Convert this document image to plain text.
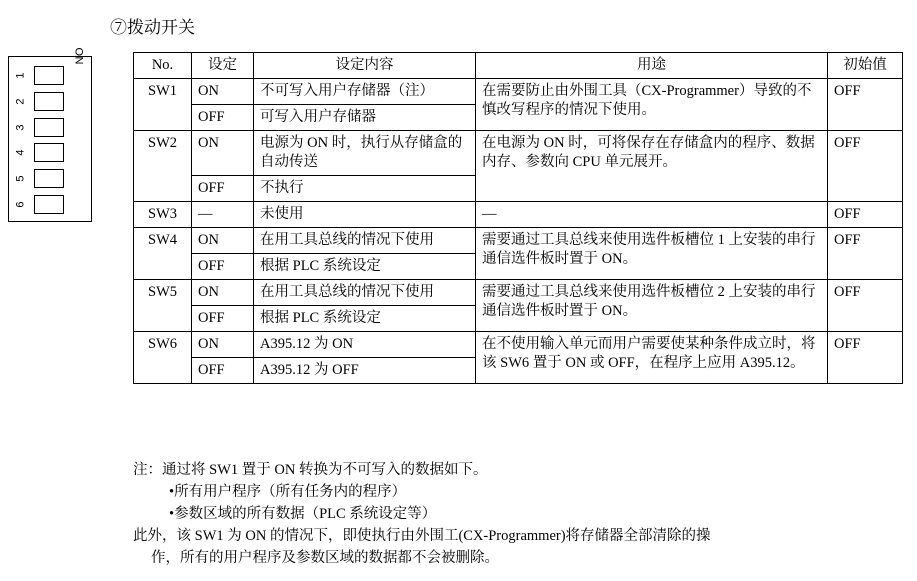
1
2
3
4
5
6
ON
⑦拨动开关
No.	设定	设定内容	用途	初始值
SW1	ON	不可写入用户存储器（注）	在需要防止由外围工具（CX-Programmer）导致的不慎改写程序的情况下使用。	OFF
	OFF	可写入用户存储器		
SW2	ON	电源为 ON 时，执行从存储盒的自动传送	在电源为 ON 时，可将保存在存储盒内的程序、数据内存、参数向 CPU 单元展开。	OFF
	OFF	不执行		
SW3	—	未使用	—	OFF
SW4	ON	在用工具总线的情况下使用	需要通过工具总线来使用选件板槽位 1 上安装的串行通信选件板时置于 ON。	OFF
	OFF	根据 PLC 系统设定		
SW5	ON	在用工具总线的情况下使用	需要通过工具总线来使用选件板槽位 2 上安装的串行通信选件板时置于 ON。	OFF
	OFF	根据 PLC 系统设定		
SW6	ON	A395.12 为 ON	在不使用输入单元而用户需要使某种条件成立时，将该 SW6 置于 ON 或 OFF，在程序上应用 A395.12。	OFF
	OFF	A395.12 为 OFF		
注：通过将 SW1 置于 ON 转换为不可写入的数据如下。
•所有用户程序（所有任务内的程序）
•参数区域的所有数据（PLC 系统设定等）
此外，该 SW1 为 ON 的情况下，即使执行由外围工(CX-Programmer)将存储器全部清除的操
作，所有的用户程序及参数区域的数据都不会被删除。
